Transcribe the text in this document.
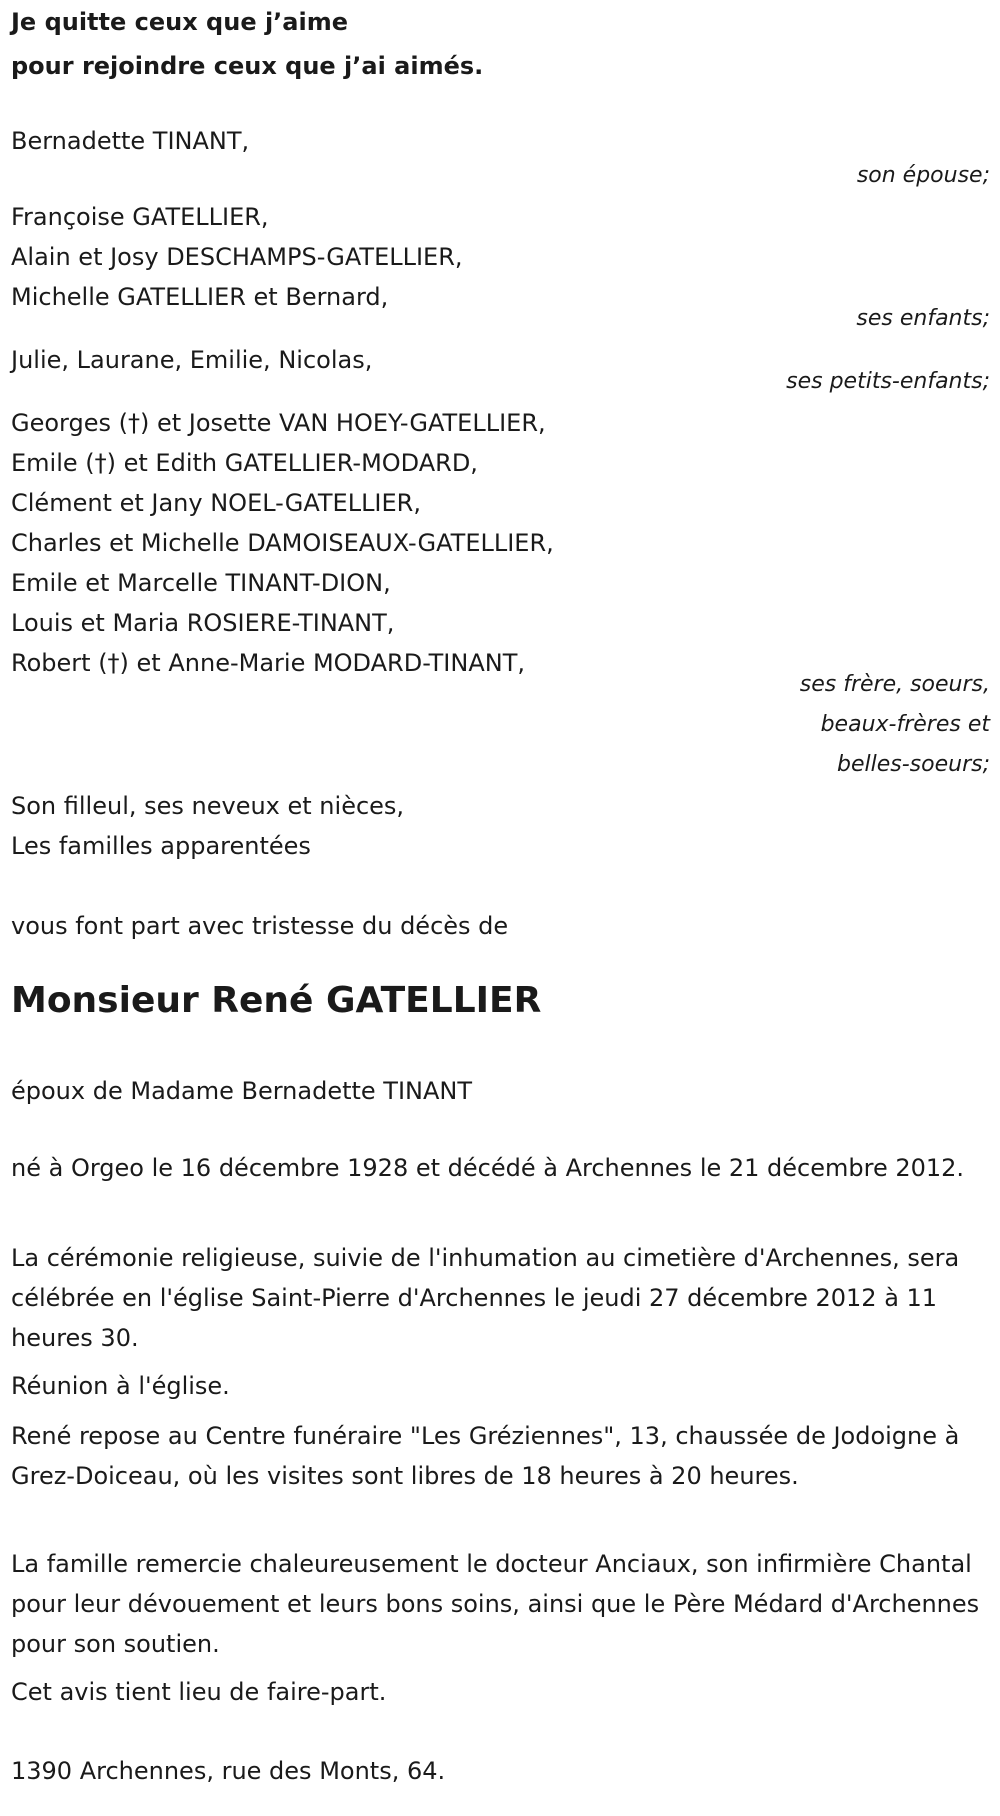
Je quitte ceux que j’aime
pour rejoindre ceux que j’ai aimés.
Bernadette TINANT,
son épouse;
Françoise GATELLIER,
Alain et Josy DESCHAMPS-GATELLIER,
Michelle GATELLIER et Bernard,
ses enfants;
Julie, Laurane, Emilie, Nicolas,
ses petits-enfants;
Georges (†) et Josette VAN HOEY-GATELLIER,
Emile (†) et Edith GATELLIER-MODARD,
Clément et Jany NOEL-GATELLIER,
Charles et Michelle DAMOISEAUX-GATELLIER,
Emile et Marcelle TINANT-DION,
Louis et Maria ROSIERE-TINANT,
Robert (†) et Anne-Marie MODARD-TINANT,
ses frère, soeurs,
beaux-frères et
belles-soeurs;
Son filleul, ses neveux et nièces,
Les familles apparentées
vous font part avec tristesse du décès de
Monsieur René GATELLIER
époux de Madame Bernadette TINANT
né à Orgeo le 16 décembre 1928 et décédé à Archennes le 21 décembre 2012.
La cérémonie religieuse, suivie de l'inhumation au cimetière d'Archennes, sera célébrée en l'église Saint-Pierre d'Archennes le jeudi 27 décembre 2012 à 11 heures 30.
Réunion à l'église.
René repose au Centre funéraire "Les Gréziennes", 13, chaussée de Jodoigne à Grez-Doiceau, où les visites sont libres de 18 heures à 20 heures.
La famille remercie chaleureusement le docteur Anciaux, son infirmière Chantal pour leur dévouement et leurs bons soins, ainsi que le Père Médard d'Archennes pour son soutien.
Cet avis tient lieu de faire-part.
1390 Archennes, rue des Monts, 64.
